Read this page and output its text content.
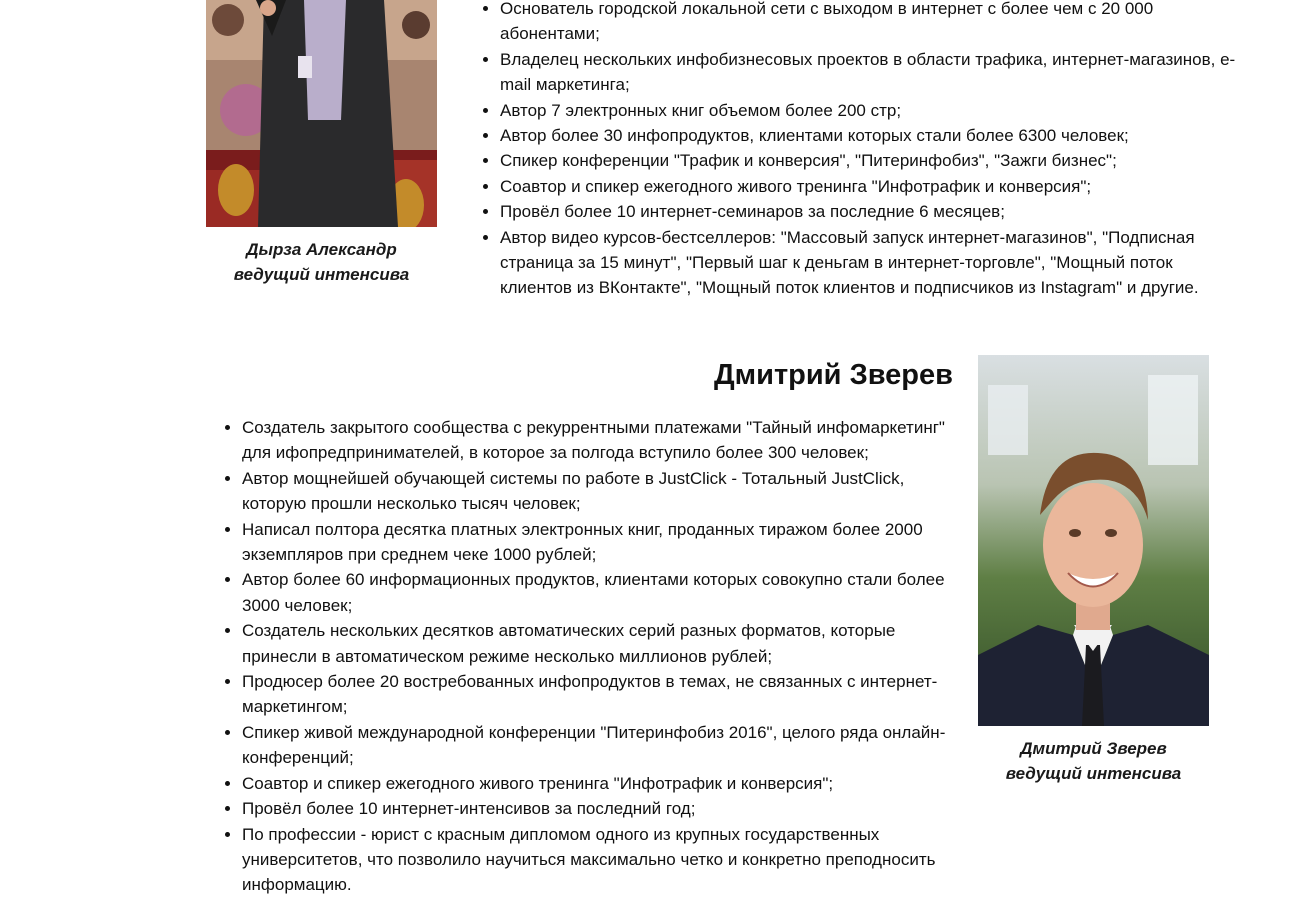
• Основатель городской локальной сети с выходом в интернет с более чем с 20 000 абонентами;
• Владелец нескольких инфобизнесовых проектов в области трафика, интернет-магазинов, e-mail маркетинга;
• Автор 7 электронных книг объемом более 200 стр;
• Автор более 30 инфопродуктов, клиентами которых стали более 6300 человек;
• Спикер конференции "Трафик и конверсия", "Питеринфобиз", "Зажги бизнес";
• Соавтор и спикер ежегодного живого тренинга "Инфотрафик и конверсия";
• Провёл более 10 интернет-семинаров за последние 6 месяцев;
• Автор видео курсов-бестселлеров: "Массовый запуск интернет-магазинов", "Подписная страница за 15 минут", "Первый шаг к деньгам в интернет-торговле", "Мощный поток клиентов из ВКонтакте", "Мощный поток клиентов и подписчиков из Instagram" и другие.
Дырза Александр
ведущий интенсива
Дмитрий Зверев
• Создатель закрытого сообщества с рекуррентными платежами "Тайный инфомаркетинг" для ифопредпринимателей, в которое за полгода вступило более 300 человек;
• Автор мощнейшей обучающей системы по работе в JustClick - Тотальный JustClick, которую прошли несколько тысяч человек;
• Написал полтора десятка платных электронных книг, проданных тиражом более 2000 экземпляров при среднем чеке 1000 рублей;
• Автор более 60 информационных продуктов, клиентами которых совокупно стали более 3000 человек;
• Создатель нескольких десятков автоматических серий разных форматов, которые принесли в автоматическом режиме несколько миллионов рублей;
• Продюсер более 20 востребованных инфопродуктов в темах, не связанных с интернет-маркетингом;
• Спикер живой международной конференции "Питеринфобиз 2016", целого ряда онлайн-конференций;
• Соавтор и спикер ежегодного живого тренинга "Инфотрафик и конверсия";
• Провёл более 10 интернет-интенсивов за последний год;
• По профессии - юрист с красным дипломом одного из крупных государственных университетов, что позволило научиться максимально четко и конкретно преподносить информацию.
Дмитрий Зверев
ведущий интенсива
